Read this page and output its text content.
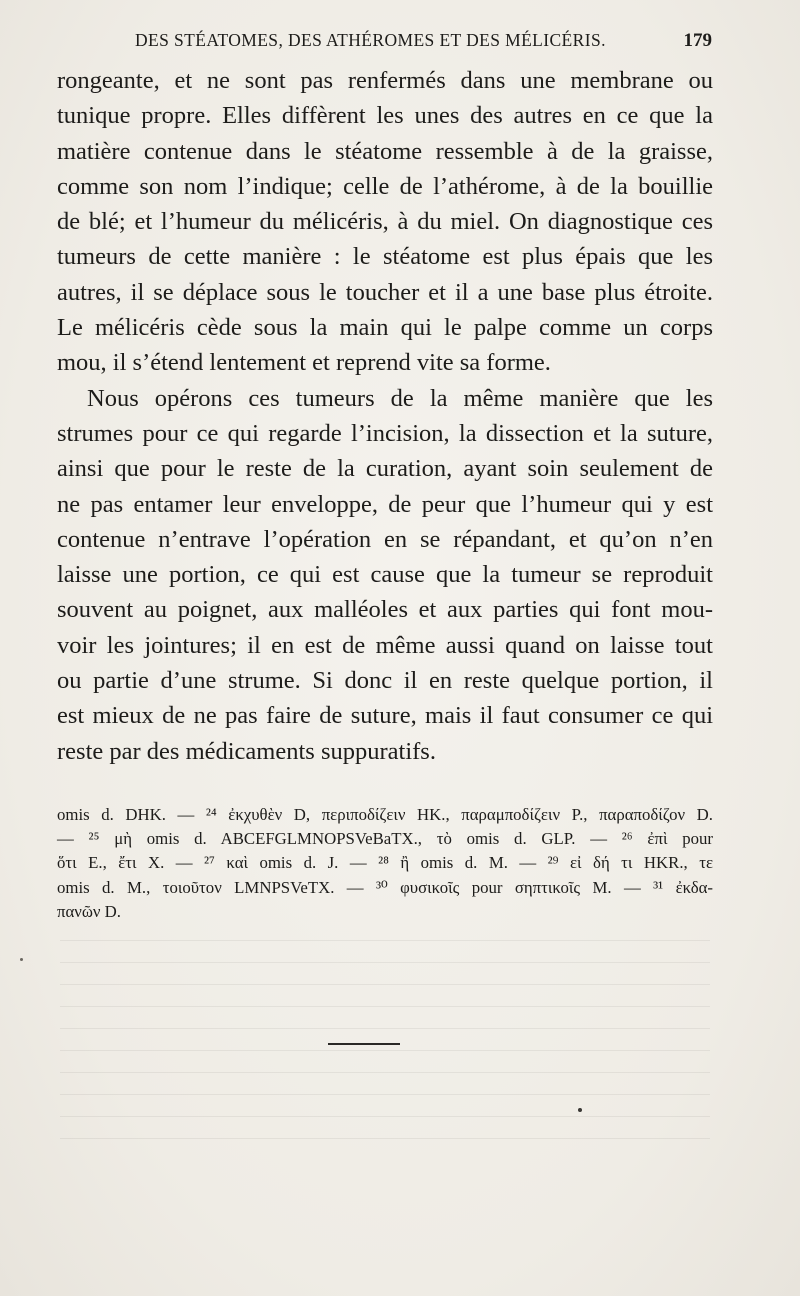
DES STÉATOMES, DES ATHÉROMES ET DES MÉLICÉRIS.	179

rongeante, et ne sont pas renfermés dans une membrane ou

tunique propre. Elles diffèrent les unes des autres en ce que la

matière contenue dans le stéatome ressemble à de la graisse,

comme son nom l’indique; celle de l’athérome, à de la bouillie

de blé; et l’humeur du mélicéris, à du miel. On diagnostique ces

tumeurs de cette manière : le stéatome est plus épais que les

autres, il se déplace sous le toucher et il a une base plus étroite.

Le mélicéris cède sous la main qui le palpe comme un corps

mou, il s’étend lentement et reprend vite sa forme.

Nous opérons ces tumeurs de la même manière que les

strumes pour ce qui regarde l’incision, la dissection et la suture,

ainsi que pour le reste de la curation, ayant soin seulement de

ne pas entamer leur enveloppe, de peur que l’humeur qui y est

contenue n’entrave l’opération en se répandant, et qu’on n’en

laisse une portion, ce qui est cause que la tumeur se reproduit

souvent au poignet, aux malléoles et aux parties qui font mou-

voir les jointures; il en est de même aussi quand on laisse tout

ou partie d’une strume. Si donc il en reste quelque portion, il

est mieux de ne pas faire de suture, mais il faut consumer ce qui

reste par des médicaments suppuratifs.

omis d. DHK. — ²⁴ ἐκχυθὲν D, περιποδίζειν HK., παραμποδίζειν P., παραποδίζον D.

— ²⁵ μὴ omis d. ABCEFGLMNOPSVeBaTX., τὸ omis d. GLP. — ²⁶ ἐπὶ pour

ὅτι E., ἔτι X. — ²⁷ καὶ omis d. J. — ²⁸ ἢ omis d. M. — ²⁹ εἰ δή τι HKR., τε

omis d. M., τοιοῦτον LMNPSVeTX. — ³⁰ φυσικοῖς pour σηπτικοῖς M. — ³¹ ἐκδα-

πανῶν D.
